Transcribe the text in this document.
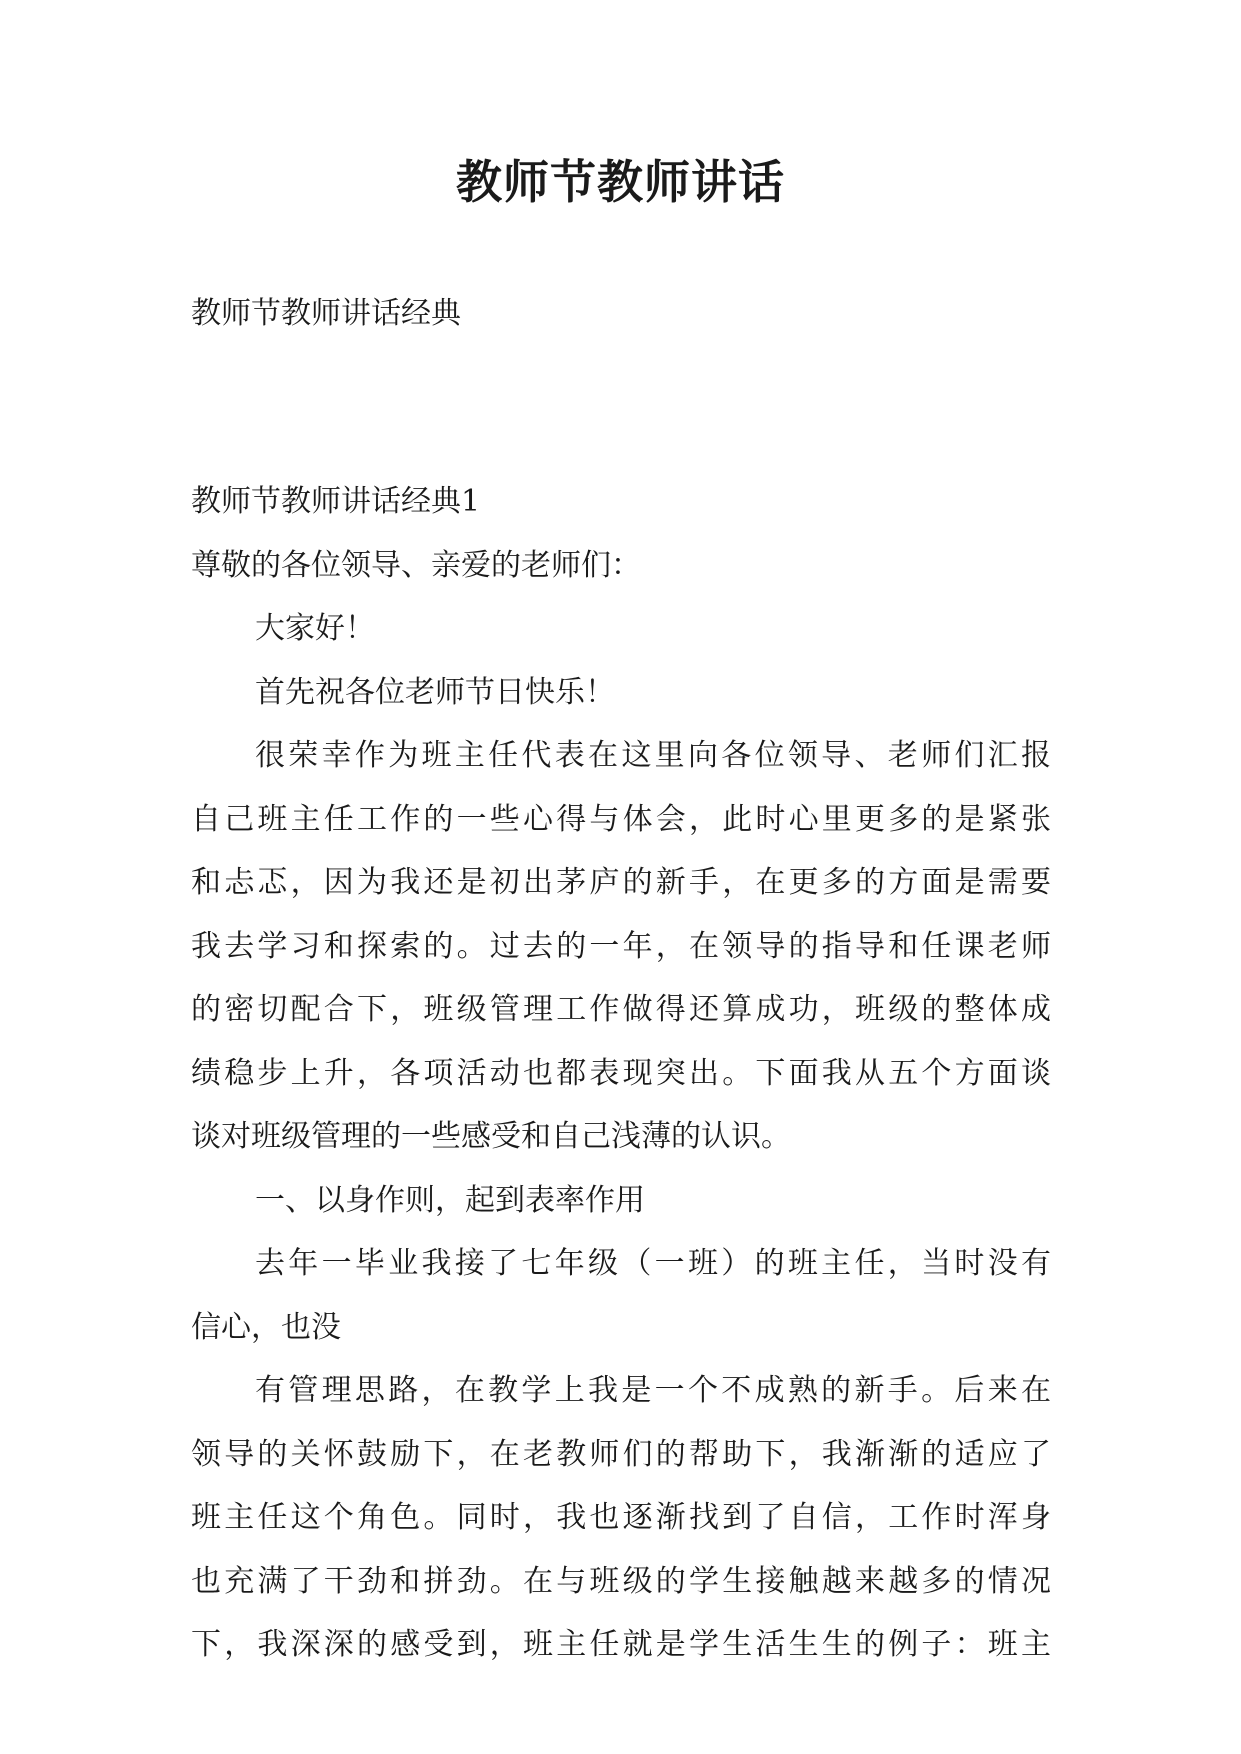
教师节教师讲话

教师节教师讲话经典

教师节教师讲话经典1

尊敬的各位领导、亲爱的老师们：

大家好！

首先祝各位老师节日快乐！

很荣幸作为班主任代表在这里向各位领导、老师们汇报

自己班主任工作的一些心得与体会，此时心里更多的是紧张

和忐忑，因为我还是初出茅庐的新手，在更多的方面是需要

我去学习和探索的。过去的一年，在领导的指导和任课老师

的密切配合下，班级管理工作做得还算成功，班级的整体成

绩稳步上升，各项活动也都表现突出。下面我从五个方面谈

谈对班级管理的一些感受和自己浅薄的认识。

一、以身作则，起到表率作用

去年一毕业我接了七年级（一班）的班主任，当时没有

信心，也没

有管理思路，在教学上我是一个不成熟的新手。后来在

领导的关怀鼓励下，在老教师们的帮助下，我渐渐的适应了

班主任这个角色。同时，我也逐渐找到了自信，工作时浑身

也充满了干劲和拼劲。在与班级的学生接触越来越多的情况

下，我深深的感受到，班主任就是学生活生生的例子：班主
